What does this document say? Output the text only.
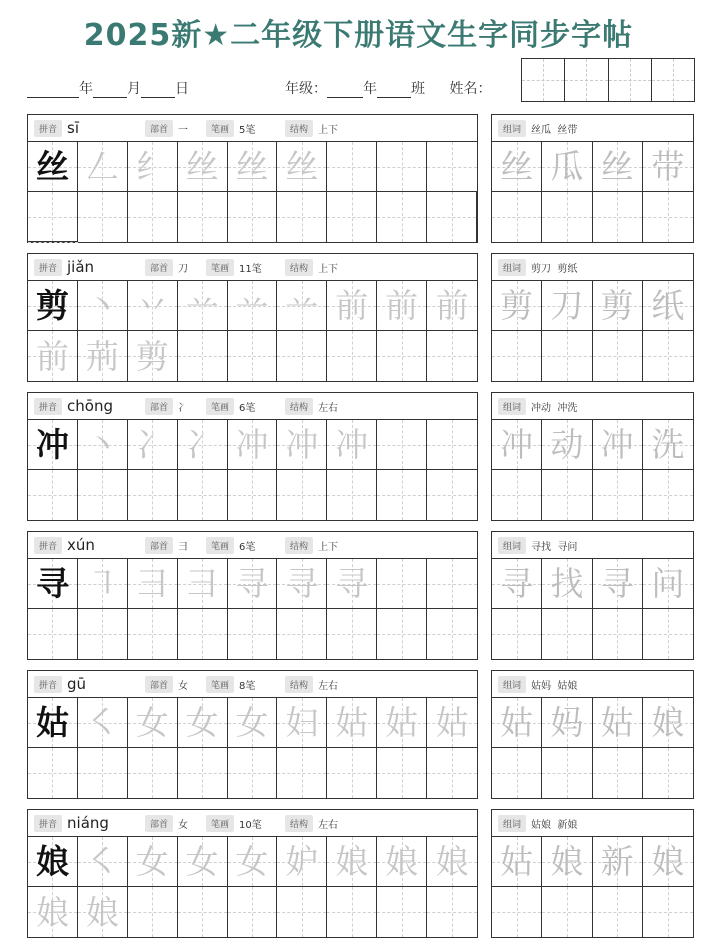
2025新★二年级下册语文生字同步字帖
年 月 日	年级：	年 班 姓名：
拼音 sī	部首	一	笔画	5笔	结构	上下
丝 𠃋 纟 丝 丝 丝
组词	丝瓜  丝带
丝 瓜 丝 带
拼音 jiǎn	部首	刀	笔画	11笔	结构	上下
剪 丶 丷 䒑 䒑 䒑 前 前 前
前 荊 剪
组词	剪刀  剪纸
剪 刀 剪 纸
拼音 chōng	部首	冫	笔画	6笔	结构	左右
冲 丶 冫 冫 冲 冲 冲
组词	冲动  冲洗
冲 动 冲 洗
拼音 xún	部首	彐	笔画	6笔	结构	上下
寻 ㇕ 彐 彐 寻 寻 寻
组词	寻找  寻问
寻 找 寻 问
拼音 gū	部首	女	笔画	8笔	结构	左右
姑 ㇛ 女 女 女 妇 姑 姑 姑
组词	姑妈  姑娘
姑 妈 姑 娘
拼音 niáng	部首	女	笔画	10笔	结构	左右
娘 ㇛ 女 女 女 妒 娘 娘 娘
娘 娘
组词	姑娘  新娘
姑 娘 新 娘
